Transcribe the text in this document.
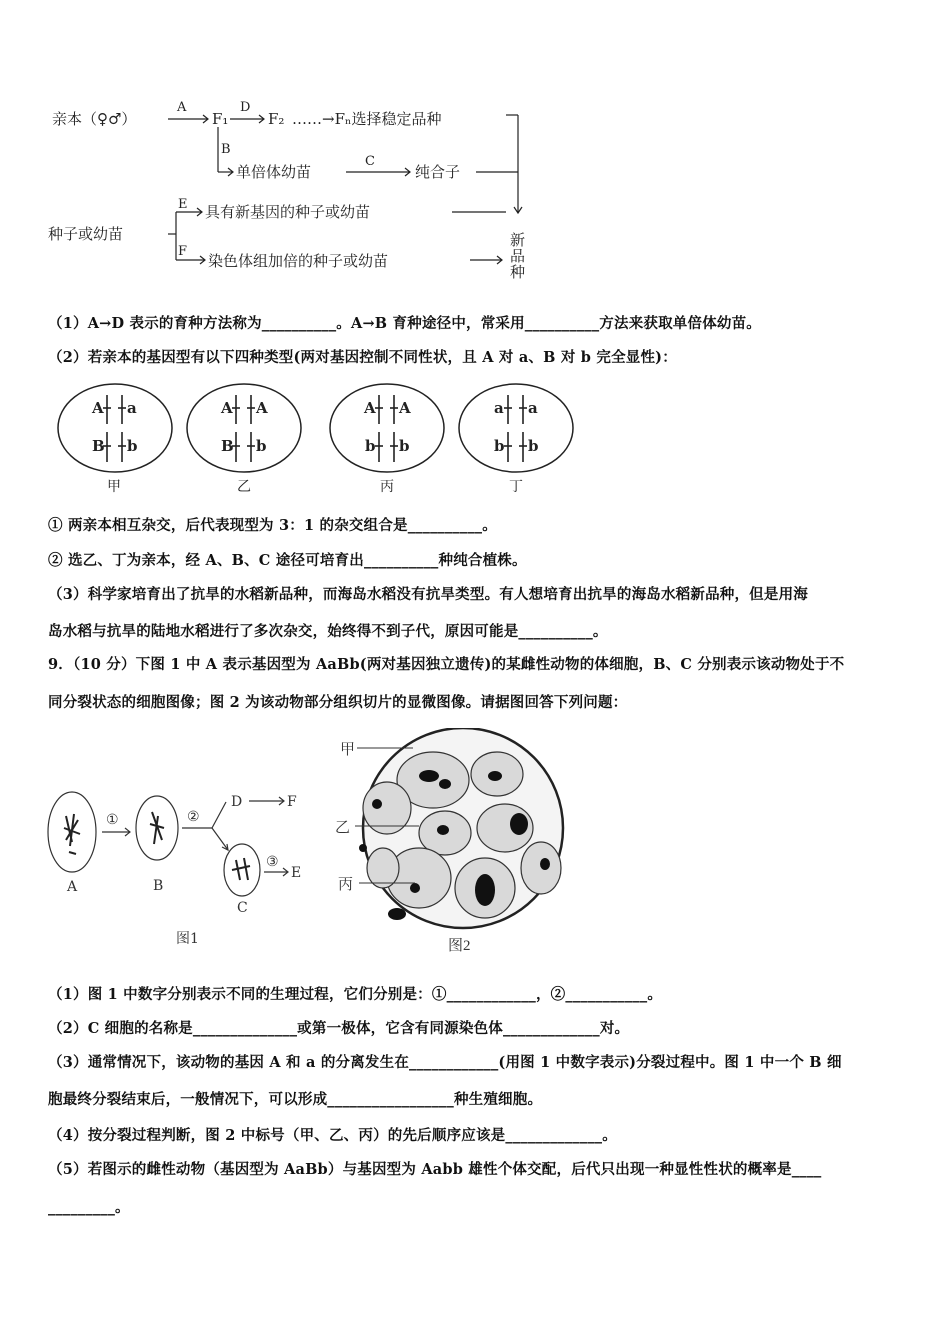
亲本（♀♂）
A
F₁
D
F₂ ……→Fₙ选择稳定品种
B
单倍体幼苗
C
纯合子
种子或幼苗
E 具有新基因的种子或幼苗
F
染色体组加倍的种子或幼苗
新
品
种
（1）A→D 表示的育种方法称为__________。A→B 育种途径中，常采用__________方法来获取单倍体幼苗。
（2）若亲本的基因型有以下四种类型(两对基因控制不同性状，且 A 对 a、B 对 b 完全显性)：
A a
B b
A A
B b
A A
b b
a a
b b
甲	乙	丙	丁
① 两亲本相互杂交，后代表现型为 3：1 的杂交组合是__________。
② 选乙、丁为亲本，经 A、B、C 途径可培育出__________种纯合植株。
（3）科学家培育出了抗旱的水稻新品种，而海岛水稻没有抗旱类型。有人想培育出抗旱的海岛水稻新品种，但是用海
岛水稻与抗旱的陆地水稻进行了多次杂交，始终得不到子代，原因可能是__________。
9．（10 分）下图 1 中 A 表示基因型为 AaBb(两对基因独立遗传)的某雌性动物的体细胞，B、C 分别表示该动物处于不
同分裂状态的细胞图像；图 2 为该动物部分组织切片的显微图像。请据图回答下列问题：
①	②
③
A	B
C
D	F
E
图1
甲
乙
丙
图2
（1）图 1 中数字分别表示不同的生理过程，它们分别是：①____________，②___________。
（2）C 细胞的名称是______________或第一极体，它含有同源染色体_____________对。
（3）通常情况下，该动物的基因 A 和 a 的分离发生在____________(用图 1 中数字表示)分裂过程中。图 1 中一个 B 细
胞最终分裂结束后，一般情况下，可以形成_________________种生殖细胞。
（4）按分裂过程判断，图 2 中标号（甲、乙、丙）的先后顺序应该是_____________。
（5）若图示的雌性动物（基因型为 AaBb）与基因型为 Aabb 雄性个体交配，后代只出现一种显性性状的概率是____
_________。
